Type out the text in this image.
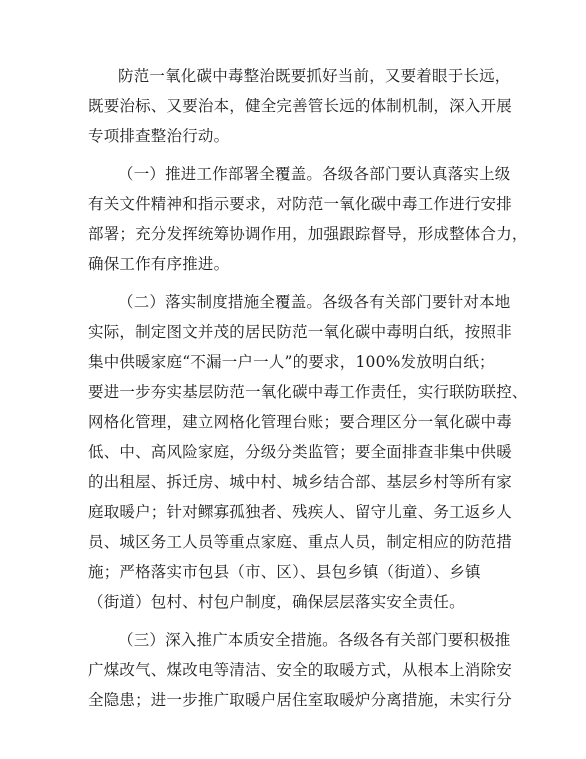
防范一氧化碳中毒整治既要抓好当前，又要着眼于长远，
既要治标、又要治本，健全完善管长远的体制机制，深入开展
专项排查整治行动。
（一）推进工作部署全覆盖。各级各部门要认真落实上级
有关文件精神和指示要求，对防范一氧化碳中毒工作进行安排
部署；充分发挥统筹协调作用，加强跟踪督导，形成整体合力，
确保工作有序推进。
（二）落实制度措施全覆盖。各级各有关部门要针对本地
实际，制定图文并茂的居民防范一氧化碳中毒明白纸，按照非
集中供暖家庭“不漏一户一人”的要求，100%发放明白纸；
要进一步夯实基层防范一氧化碳中毒工作责任，实行联防联控、
网格化管理，建立网格化管理台账；要合理区分一氧化碳中毒
低、中、高风险家庭，分级分类监管；要全面排查非集中供暖
的出租屋、拆迁房、城中村、城乡结合部、基层乡村等所有家
庭取暖户；针对鳏寡孤独者、残疾人、留守儿童、务工返乡人
员、城区务工人员等重点家庭、重点人员，制定相应的防范措
施；严格落实市包县（市、区）、县包乡镇（街道）、乡镇
（街道）包村、村包户制度，确保层层落实安全责任。
（三）深入推广本质安全措施。各级各有关部门要积极推
广煤改气、煤改电等清洁、安全的取暖方式，从根本上消除安
全隐患；进一步推广取暖户居住室取暖炉分离措施，未实行分
